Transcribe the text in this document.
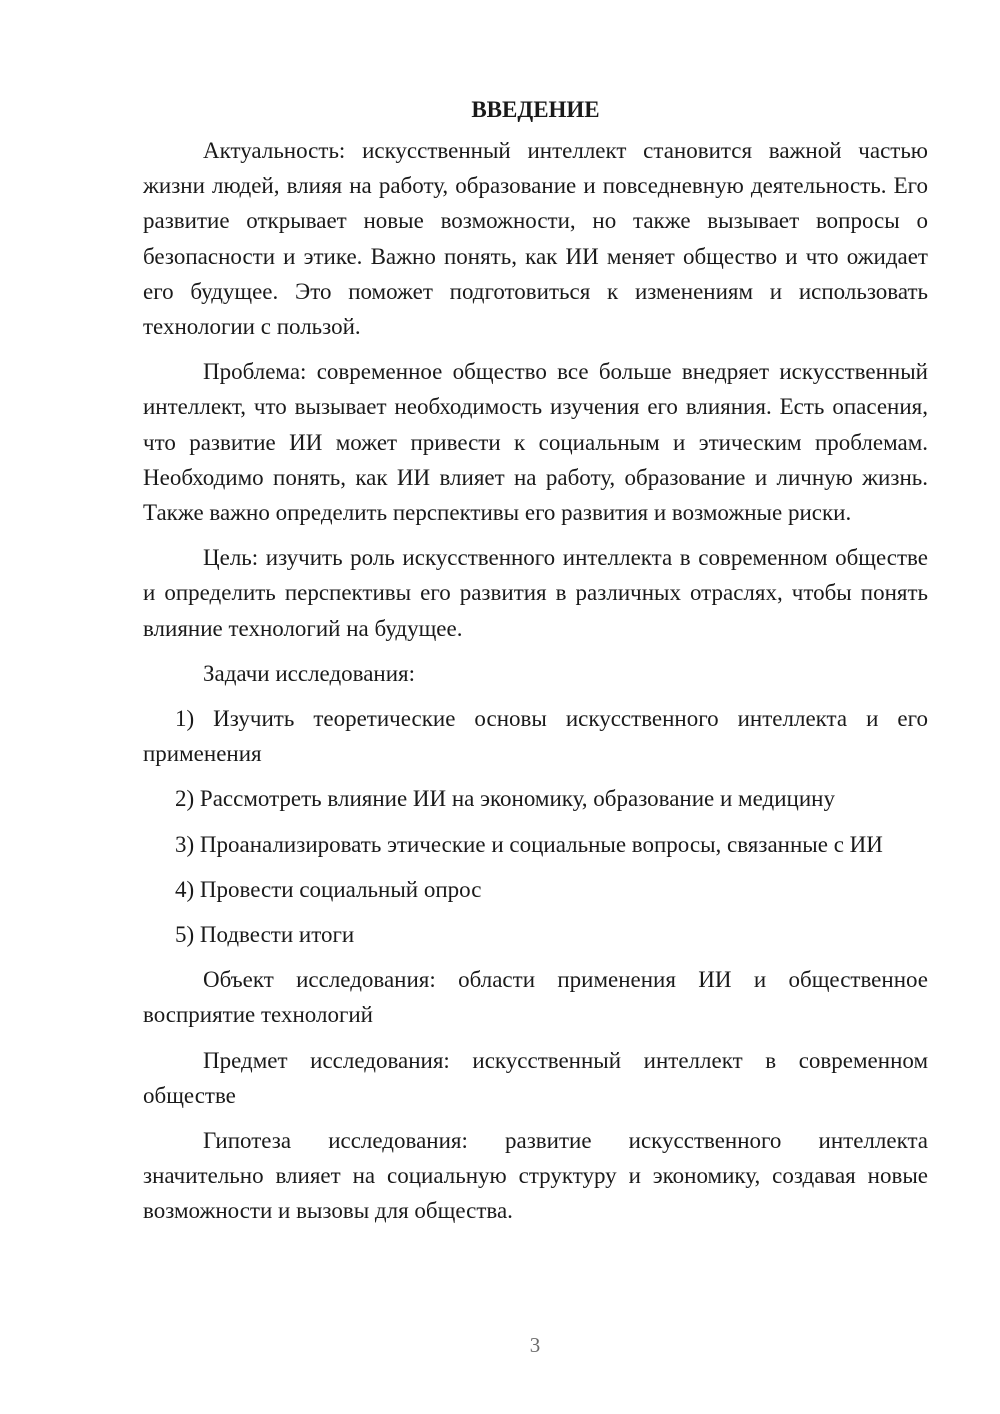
ВВЕДЕНИЕ

Актуальность: искусственный интеллект становится важной частью жизни людей, влияя на работу, образование и повседневную деятельность. Его развитие открывает новые возможности, но также вызывает вопросы о безопасности и этике. Важно понять, как ИИ меняет общество и что ожидает его будущее. Это поможет подготовиться к изменениям и использовать технологии с пользой.

Проблема: современное общество все больше внедряет искусственный интеллект, что вызывает необходимость изучения его влияния. Есть опасения, что развитие ИИ может привести к социальным и этическим проблемам. Необходимо понять, как ИИ влияет на работу, образование и личную жизнь. Также важно определить перспективы его развития и возможные риски.

Цель: изучить роль искусственного интеллекта в современном обществе и определить перспективы его развития в различных отраслях, чтобы понять влияние технологий на будущее.

Задачи исследования:

1) Изучить теоретические основы искусственного интеллекта и его применения

2) Рассмотреть влияние ИИ на экономику, образование и медицину

3) Проанализировать этические и социальные вопросы, связанные с ИИ

4) Провести социальный опрос

5) Подвести итоги

Объект исследования: области применения ИИ и общественное восприятие технологий

Предмет исследования: искусственный интеллект в современном обществе

Гипотеза исследования: развитие искусственного интеллекта значительно влияет на социальную структуру и экономику, создавая новые возможности и вызовы для общества.

3
